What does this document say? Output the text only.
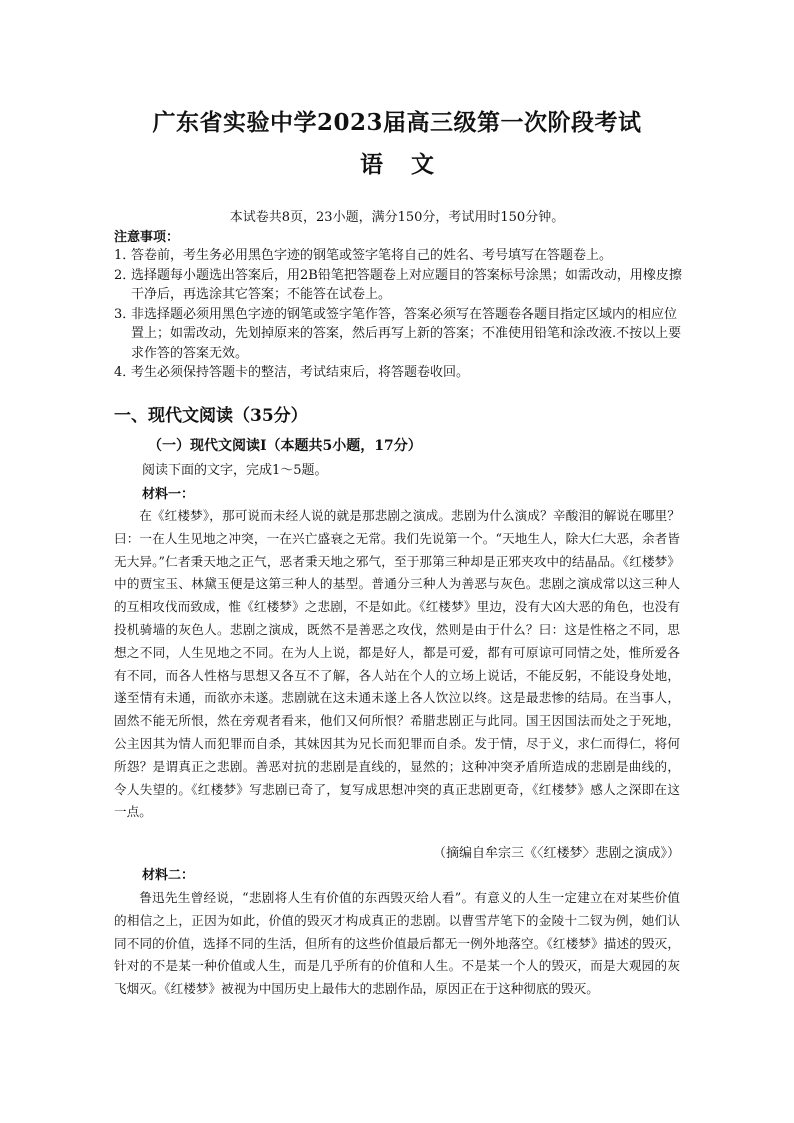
广东省实验中学2023届高三级第一次阶段考试
语 文
本试卷共8页，23小题，满分150分，考试用时150分钟。
注意事项：
1．
答卷前，考生务必用黑色字迹的钢笔或签字笔将自己的姓名、考号填写在答题卷上。
2．
选择题每小题选出答案后，用2B铅笔把答题卷上对应题目的答案标号涂黑；如需改动，用橡皮擦干净后，再选涂其它答案；不能答在试卷上。
3．
非选择题必须用黑色字迹的钢笔或签字笔作答，答案必须写在答题卷各题目指定区域内的相应位置上；如需改动，先划掉原来的答案，然后再写上新的答案；不准使用铅笔和涂改液.不按以上要求作答的答案无效。
4．
考生必须保持答题卡的整洁，考试结束后，将答题卷收回。
一、现代文阅读（35分）
（一）现代文阅读Ⅰ（本题共5小题，17分）
阅读下面的文字，完成1～5题。
材料一：
在《红楼梦》，那可说而未经人说的就是那悲剧之演成。悲剧为什么演成？辛酸泪的解说在哪里？曰：一在人生见地之冲突，一在兴亡盛衰之无常。我们先说第一个。“天地生人，除大仁大恶，余者皆无大异。”仁者秉天地之正气，恶者秉天地之邪气，至于那第三种却是正邪夹攻中的结晶品。《红楼梦》中的贾宝玉、林黛玉便是这第三种人的基型。普通分三种人为善恶与灰色。悲剧之演成常以这三种人的互相攻伐而致成，惟《红楼梦》之悲剧，不是如此。《红楼梦》里边，没有大凶大恶的角色，也没有投机骑墙的灰色人。悲剧之演成，既然不是善恶之攻伐，然则是由于什么？曰：这是性格之不同，思想之不同，人生见地之不同。在为人上说，都是好人，都是可爱，都有可原谅可同情之处，惟所爱各有不同，而各人性格与思想又各互不了解，各人站在个人的立场上说话，不能反躬，不能设身处地，遂至情有未通，而欲亦未遂。悲剧就在这未通未遂上各人饮泣以终。这是最悲惨的结局。在当事人，固然不能无所恨，然在旁观者看来，他们又何所恨？希腊悲剧正与此同。国王因国法而处之于死地，公主因其为情人而犯罪而自杀，其妹因其为兄长而犯罪而自杀。发于情，尽于义，求仁而得仁，将何所怨？是谓真正之悲剧。善恶对抗的悲剧是直线的，显然的；这种冲突矛盾所造成的悲剧是曲线的，令人失望的。《红楼梦》写悲剧已奇了，复写成思想冲突的真正悲剧更奇，《红楼梦》感人之深即在这一点。
（摘编自牟宗三《〈红楼梦〉悲剧之演成》）
材料二：
鲁迅先生曾经说，“悲剧将人生有价值的东西毁灭给人看”。有意义的人生一定建立在对某些价值的相信之上，正因为如此，价值的毁灭才构成真正的悲剧。以曹雪芹笔下的金陵十二钗为例，她们认同不同的价值，选择不同的生活，但所有的这些价值最后都无一例外地落空。《红楼梦》描述的毁灭，针对的不是某一种价值或人生，而是几乎所有的价值和人生。不是某一个人的毁灭，而是大观园的灰飞烟灭。《红楼梦》被视为中国历史上最伟大的悲剧作品，原因正在于这种彻底的毁灭。
